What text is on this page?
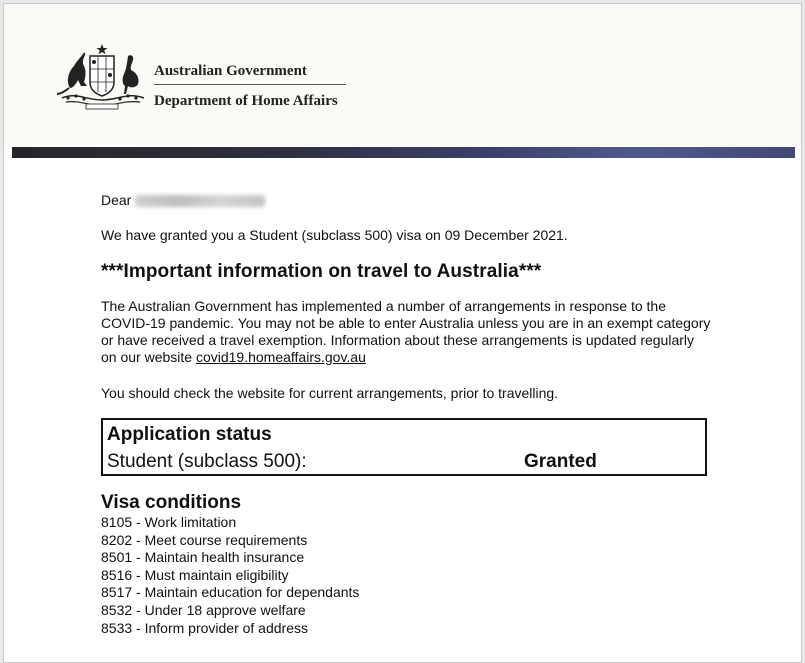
Australian Government
Department of Home Affairs
Dear
We have granted you a Student (subclass 500) visa on 09 December 2021.
***Important information on travel to Australia***
The Australian Government has implemented a number of arrangements in response to the COVID-19 pandemic. You may not be able to enter Australia unless you are in an exempt category or have received a travel exemption. Information about these arrangements is updated regularly on our website covid19.homeaffairs.gov.au
You should check the website for current arrangements, prior to travelling.
Application status
Student (subclass 500):	Granted
Visa conditions
8105 - Work limitation
8202 - Meet course requirements
8501 - Maintain health insurance
8516 - Must maintain eligibility
8517 - Maintain education for dependants
8532 - Under 18 approve welfare
8533 - Inform provider of address
